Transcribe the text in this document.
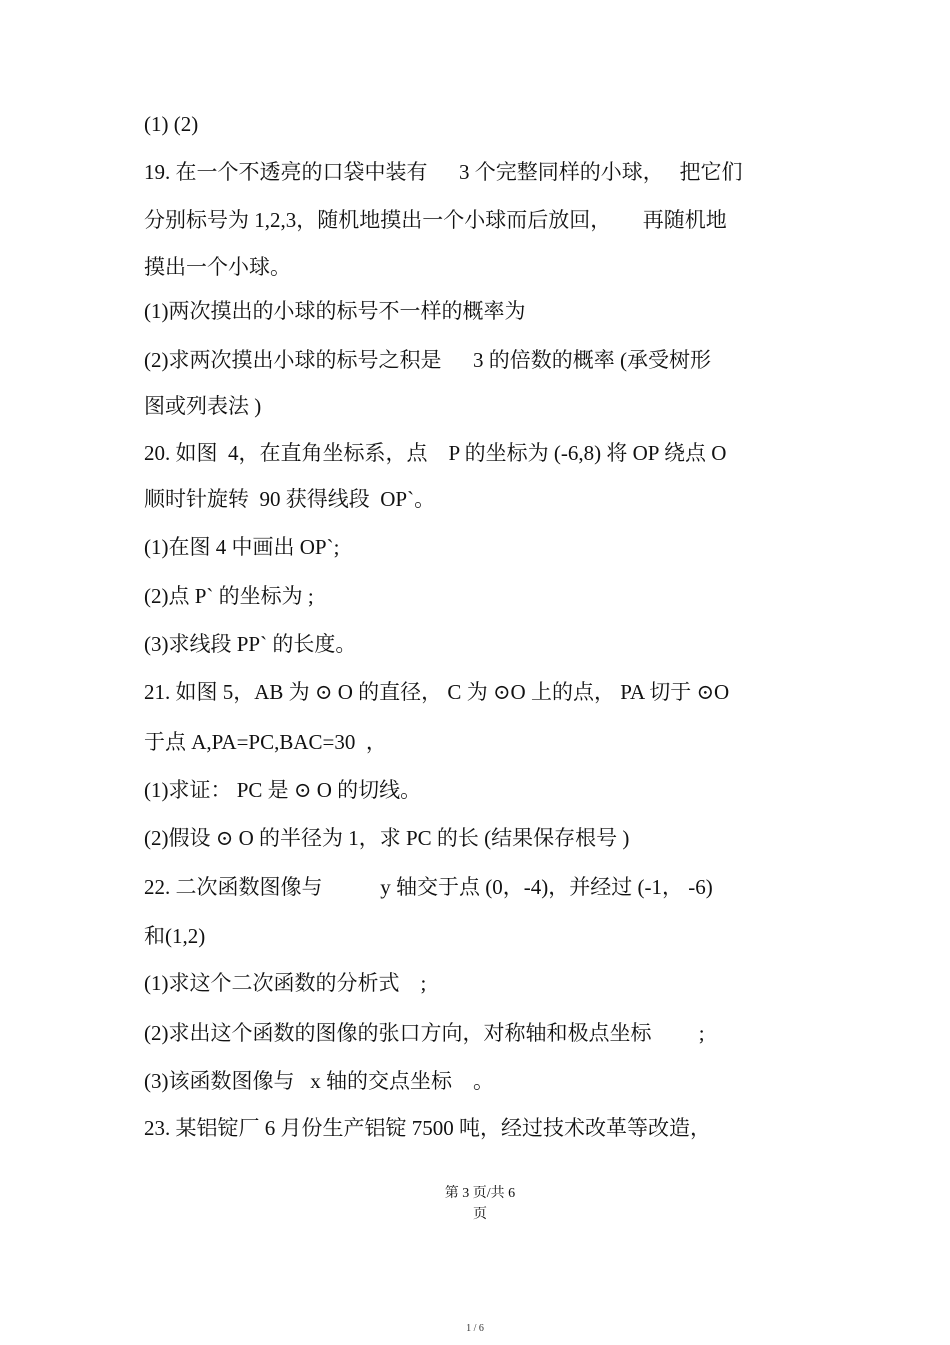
(1) (2)
19. 在一个不透亮的口袋中装有      3 个完整同样的小球，   把它们
分别标号为 1,2,3，随机地摸出一个小球而后放回，      再随机地
摸出一个小球。
(1)两次摸出的小球的标号不一样的概率为
(2)求两次摸出小球的标号之积是      3 的倍数的概率 (承受树形
图或列表法 )
20. 如图  4，在直角坐标系，点    P 的坐标为 (-6,8) 将 OP 绕点 O
顺时针旋转  90 获得线段  OP`。
(1)在图 4 中画出 OP`;
(2)点 P` 的坐标为 ;
(3)求线段 PP` 的长度。
21. 如图 5，AB 为 ⊙ O 的直径， C 为 ⊙O 上的点， PA 切于 ⊙O
于点 A,PA=PC,BAC=30  ，
(1)求证： PC 是 ⊙ O 的切线。
(2)假设 ⊙ O 的半径为 1，求 PC 的长 (结果保存根号 )
22. 二次函数图像与           y 轴交于点 (0，-4)，并经过 (-1， -6)
和(1,2)
(1)求这个二次函数的分析式    ;
(2)求出这个函数的图像的张口方向，对称轴和极点坐标         ;
(3)该函数图像与   x 轴的交点坐标    。
23. 某铝锭厂 6 月份生产铝锭 7500 吨，经过技术改革等改造，
第 3 页/共 6
页
1 / 6
